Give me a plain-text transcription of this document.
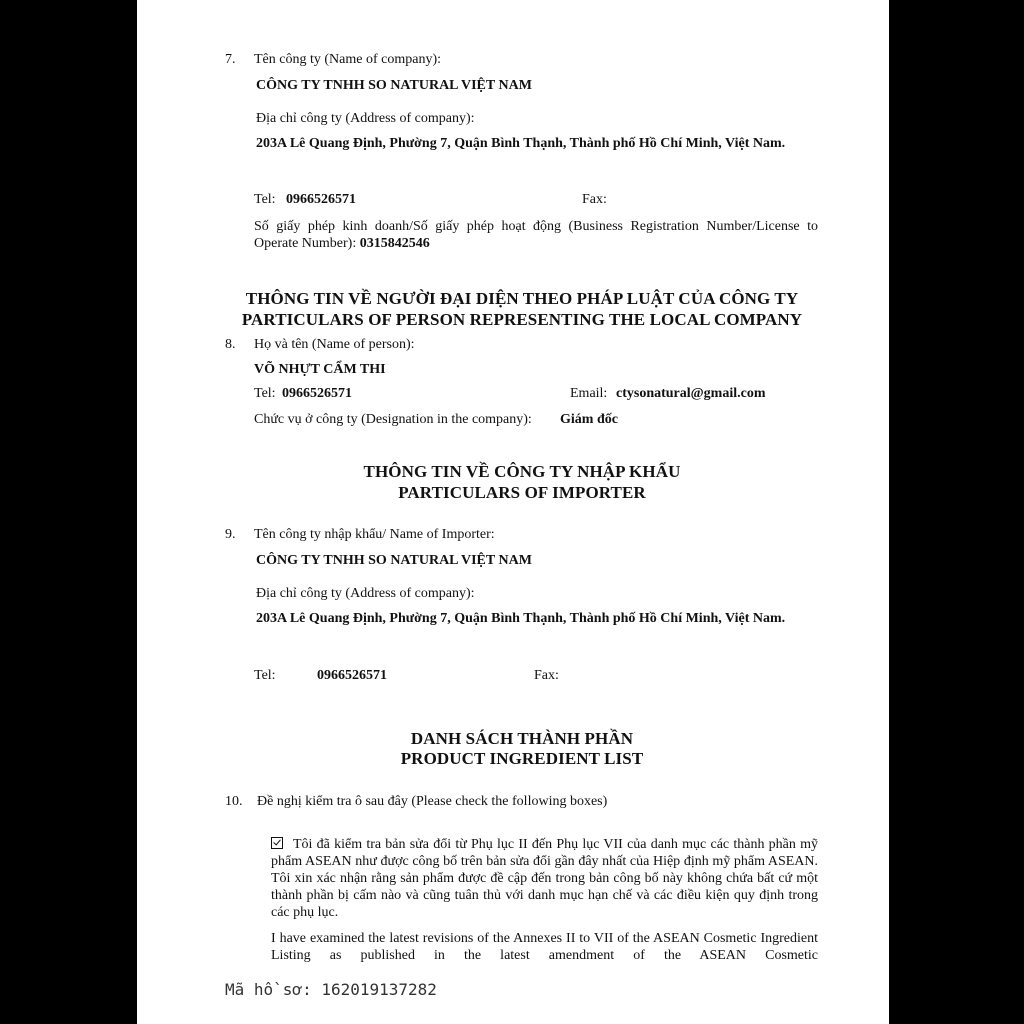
7. Tên công ty (Name of company):
CÔNG TY TNHH SO NATURAL VIỆT NAM
Địa chỉ công ty (Address of company):
203A Lê Quang Định, Phường 7, Quận Bình Thạnh, Thành phố Hồ Chí Minh, Việt Nam.
Tel: 0966526571	Fax:
Số giấy phép kinh doanh/Số giấy phép hoạt động (Business Registration Number/License to Operate Number): 0315842546
THÔNG TIN VỀ NGƯỜI ĐẠI DIỆN THEO PHÁP LUẬT CỦA CÔNG TY
PARTICULARS OF PERSON REPRESENTING THE LOCAL COMPANY
8. Họ và tên (Name of person):
VÕ NHỰT CẨM THI
Tel: 0966526571	Email: ctysonatural@gmail.com
Chức vụ ở công ty (Designation in the company): Giám đốc
THÔNG TIN VỀ CÔNG TY NHẬP KHẨU
PARTICULARS OF IMPORTER
9. Tên công ty nhập khẩu/ Name of Importer:
CÔNG TY TNHH SO NATURAL VIỆT NAM
Địa chỉ công ty (Address of company):
203A Lê Quang Định, Phường 7, Quận Bình Thạnh, Thành phố Hồ Chí Minh, Việt Nam.
Tel:	0966526571	Fax:
DANH SÁCH THÀNH PHẦN
PRODUCT INGREDIENT LIST
10. Đề nghị kiểm tra ô sau đây (Please check the following boxes)
Tôi đã kiểm tra bản sửa đổi từ Phụ lục II đến Phụ lục VII của danh mục các thành phần mỹ phẩm ASEAN như được công bố trên bản sửa đổi gần đây nhất của Hiệp định mỹ phẩm ASEAN. Tôi xin xác nhận rằng sản phẩm được đề cập đến trong bản công bố này không chứa bất cứ một thành phần bị cấm nào và cũng tuân thủ với danh mục hạn chế và các điều kiện quy định trong các phụ lục.
I have examined the latest revisions of the Annexes II to VII of the ASEAN Cosmetic Ingredient Listing as published in the latest amendment of the ASEAN Cosmetic
Mã hồ sơ: 162019137282
